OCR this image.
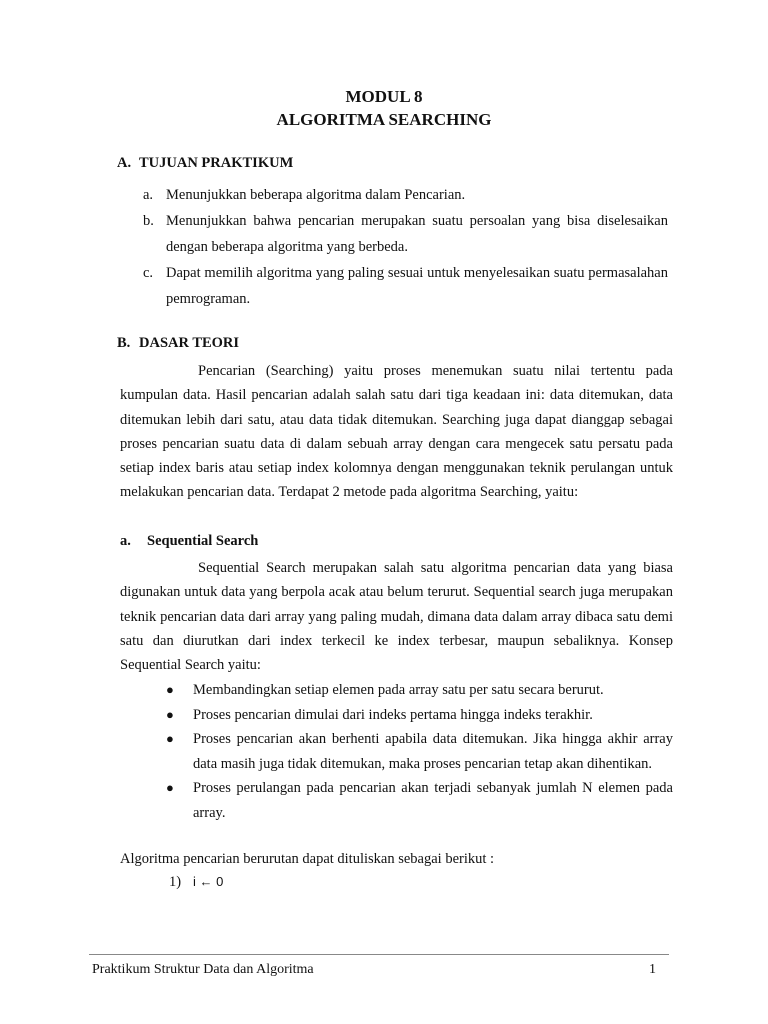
MODUL 8
ALGORITMA SEARCHING
A. TUJUAN PRAKTIKUM
a. Menunjukkan beberapa algoritma dalam Pencarian.
b. Menunjukkan bahwa pencarian merupakan suatu persoalan yang bisa diselesaikan dengan beberapa algoritma yang berbeda.
c. Dapat memilih algoritma yang paling sesuai untuk menyelesaikan suatu permasalahan pemrograman.
B. DASAR TEORI
Pencarian (Searching) yaitu proses menemukan suatu nilai tertentu pada kumpulan data. Hasil pencarian adalah salah satu dari tiga keadaan ini: data ditemukan, data ditemukan lebih dari satu, atau data tidak ditemukan. Searching juga dapat dianggap sebagai proses pencarian suatu data di dalam sebuah array dengan cara mengecek satu persatu pada setiap index baris atau setiap index kolomnya dengan menggunakan teknik perulangan untuk melakukan pencarian data. Terdapat 2 metode pada algoritma Searching, yaitu:
a. Sequential Search
Sequential Search merupakan salah satu algoritma pencarian data yang biasa digunakan untuk data yang berpola acak atau belum terurut. Sequential search juga merupakan teknik pencarian data dari array yang paling mudah, dimana data dalam array dibaca satu demi satu dan diurutkan dari index terkecil ke index terbesar, maupun sebaliknya. Konsep Sequential Search yaitu:
●	Membandingkan setiap elemen pada array satu per satu secara berurut.
●	Proses pencarian dimulai dari indeks pertama hingga indeks terakhir.
●	Proses pencarian akan berhenti apabila data ditemukan. Jika hingga akhir array data masih juga tidak ditemukan, maka proses pencarian tetap akan dihentikan.
●	Proses perulangan pada pencarian akan terjadi sebanyak jumlah N elemen pada array.
Algoritma pencarian berurutan dapat dituliskan sebagai berikut :
1) i ← 0
Praktikum Struktur Data dan Algoritma	1
